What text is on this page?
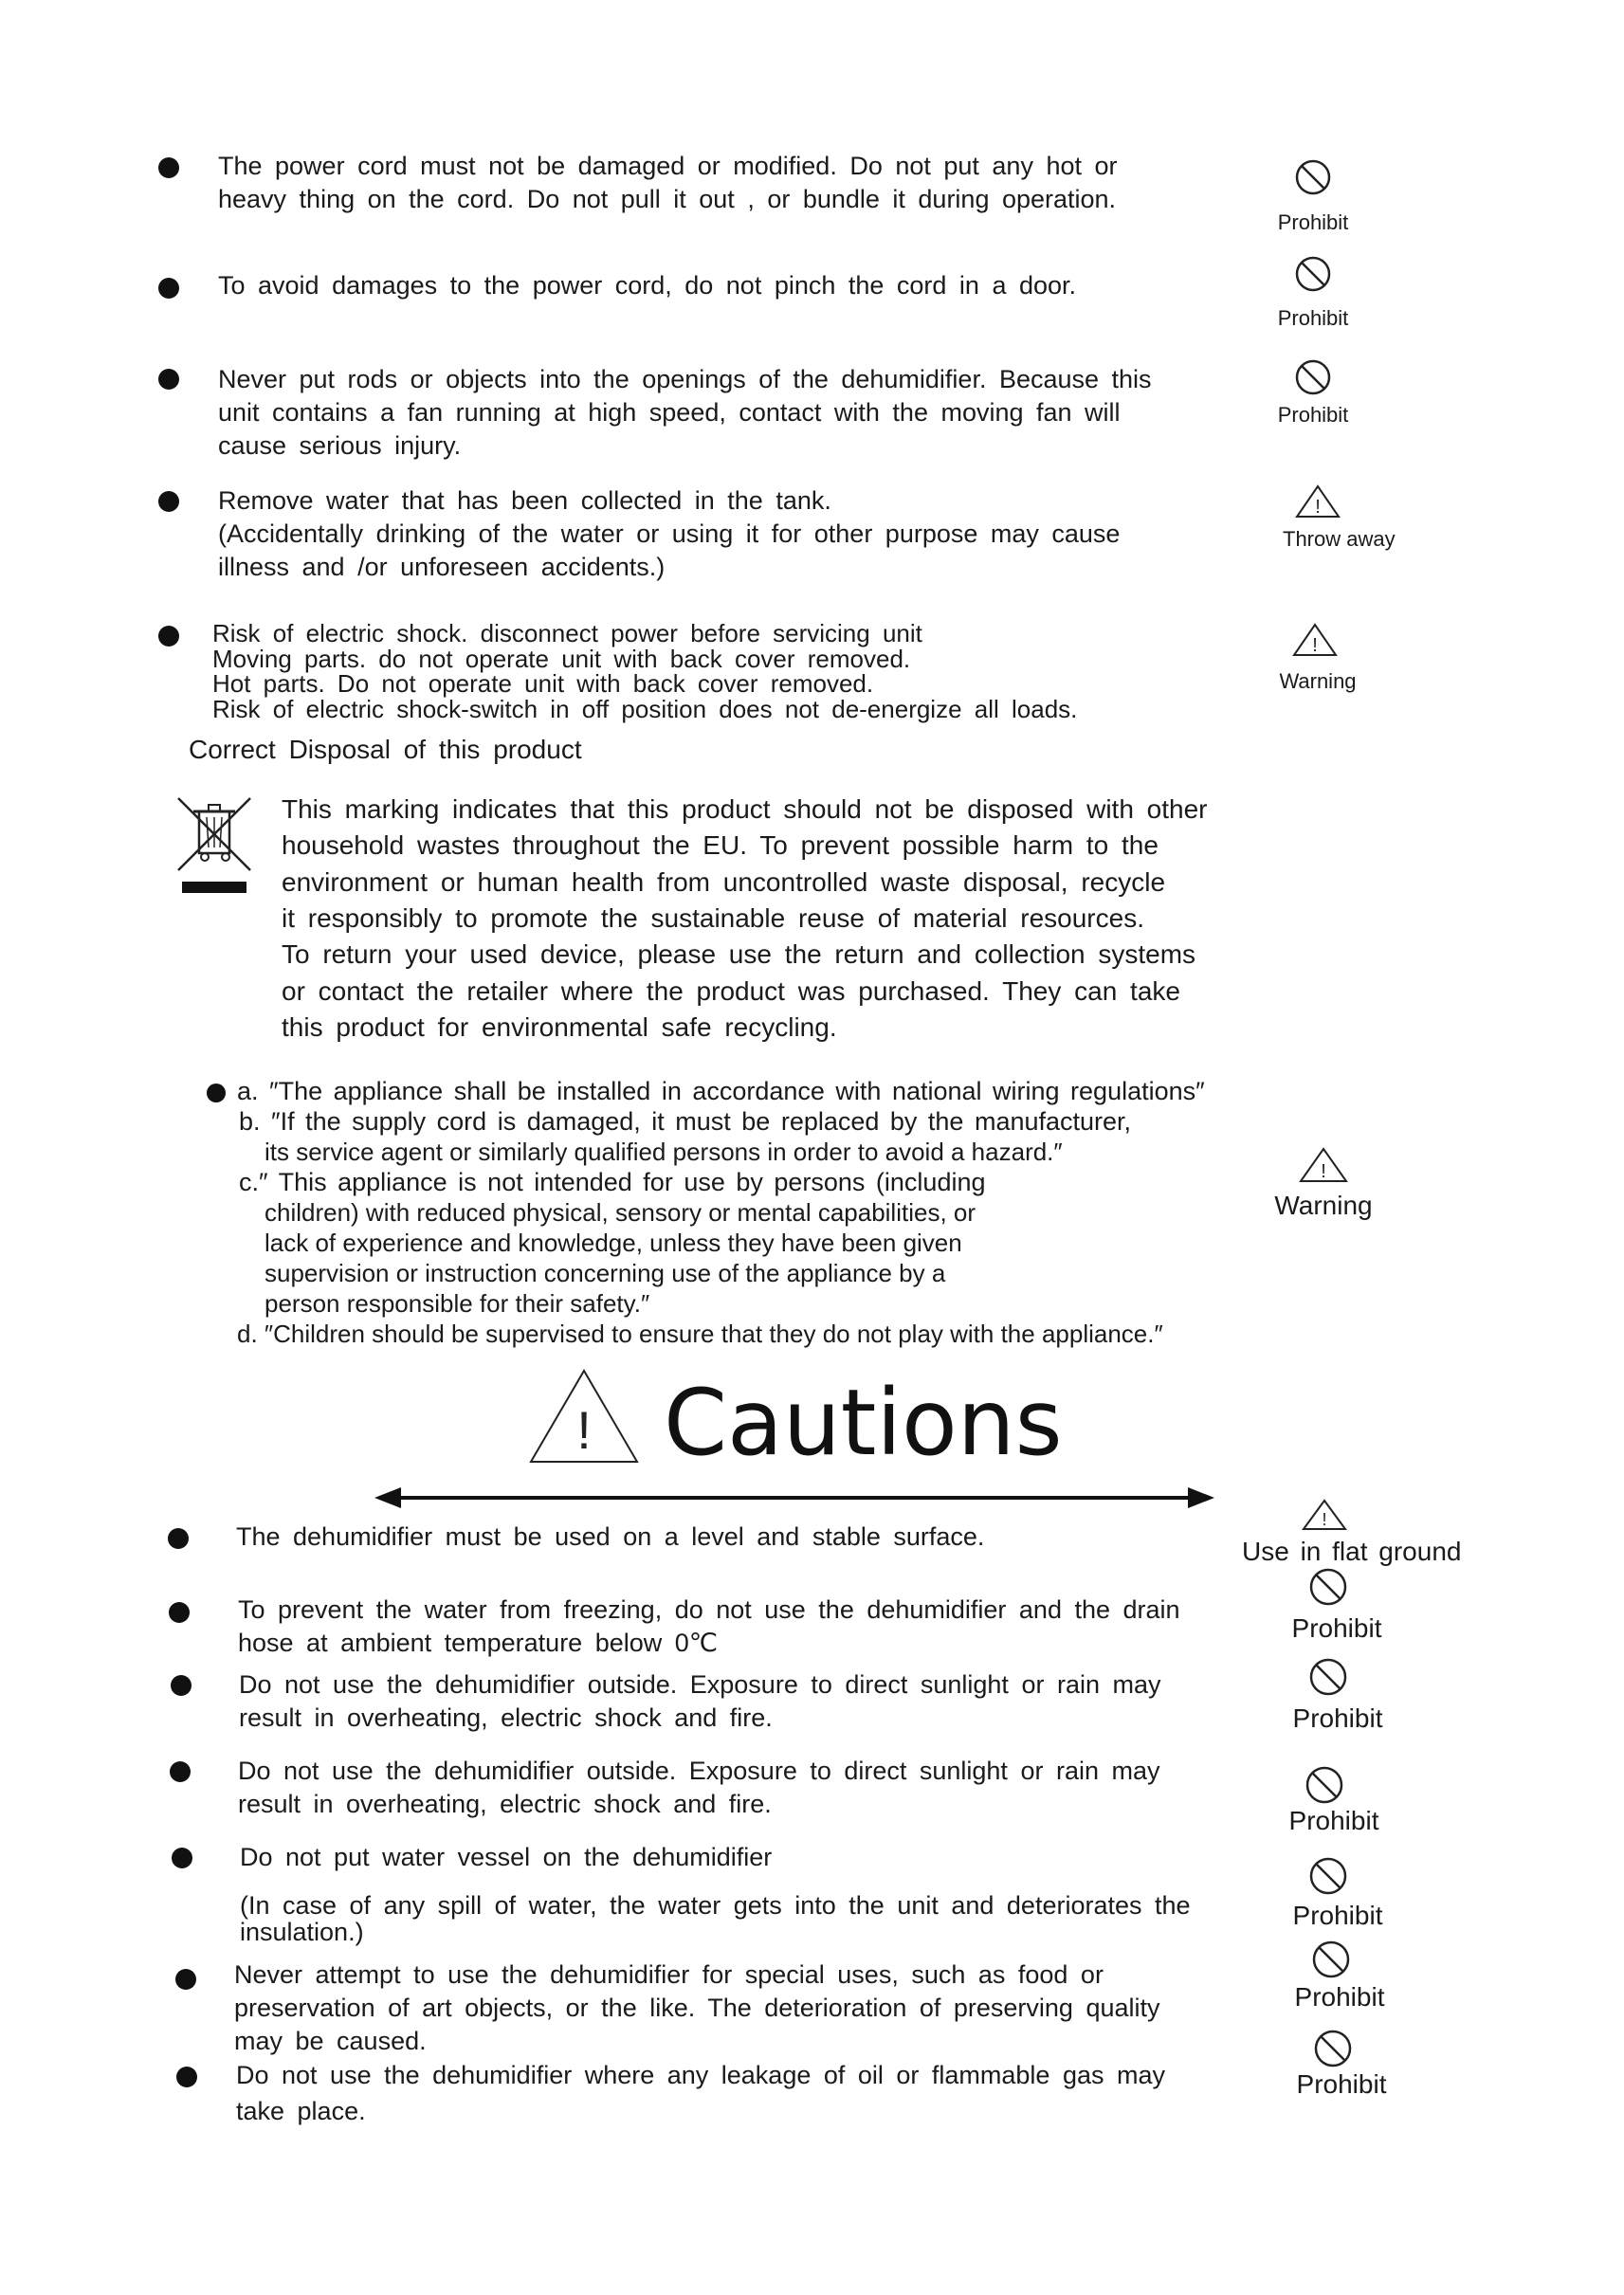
The power cord must not be damaged or modified. Do not put any hot or
heavy thing on the cord. Do not pull it out , or bundle it during operation.
Prohibit
To avoid damages to the power cord, do not pinch the cord in a door.
Prohibit
Never put rods or objects into the openings of the dehumidifier. Because this
unit contains a fan running at high speed, contact with the moving fan will
cause serious injury.
Prohibit
Remove water that has been collected in the tank.
(Accidentally drinking of the water or using it for other purpose may cause
illness and /or unforeseen accidents.)
!
Throw away
Risk of electric shock. disconnect power before servicing unit
Moving parts. do not operate unit with back cover removed.
Hot parts. Do not operate unit with back cover removed.
Risk of electric shock-switch in off position does not de-energize all loads.
!
Warning
Correct Disposal of this product
This marking indicates that this product should not be disposed with other
household wastes throughout the EU. To prevent possible harm to the
environment or human health from uncontrolled waste disposal, recycle
it responsibly to promote the sustainable reuse of material resources.
To return your used device, please use the return and collection systems
or contact the retailer where the product was purchased. They can take
this product for environmental safe recycling.
a. ″The appliance shall be installed in accordance with national wiring regulations″
b. ″If the supply cord is damaged, it must be replaced by the manufacturer,
its service agent or similarly qualified persons in order to avoid a hazard.″
c.″ This appliance is not intended for use by persons (including
children) with reduced physical, sensory or mental capabilities, or
lack of experience and knowledge, unless they have been given
supervision or instruction concerning use of the appliance by a
person responsible for their safety.″
d. ″Children should be supervised to ensure that they do not play with the appliance.″
!
Warning
! Cautions
The dehumidifier must be used on a level and stable surface.
!
Use in flat ground
To prevent the water from freezing, do not use the dehumidifier and the drain
hose at ambient temperature below 0℃	Prohibit
Do not use the dehumidifier outside. Exposure to direct sunlight or rain may
result in overheating, electric shock and fire.	Prohibit
Do not use the dehumidifier outside. Exposure to direct sunlight or rain may
result in overheating, electric shock and fire.
Prohibit
Do not put water vessel on the dehumidifier
(In case of any spill of water, the water gets into the unit and deteriorates the
insulation.)
Prohibit
Never attempt to use the dehumidifier for special uses, such as food or
preservation of art objects, or the like. The deterioration of preserving quality
may be caused.
Prohibit
Do not use the dehumidifier where any leakage of oil or flammable gas may
take place.
Prohibit
